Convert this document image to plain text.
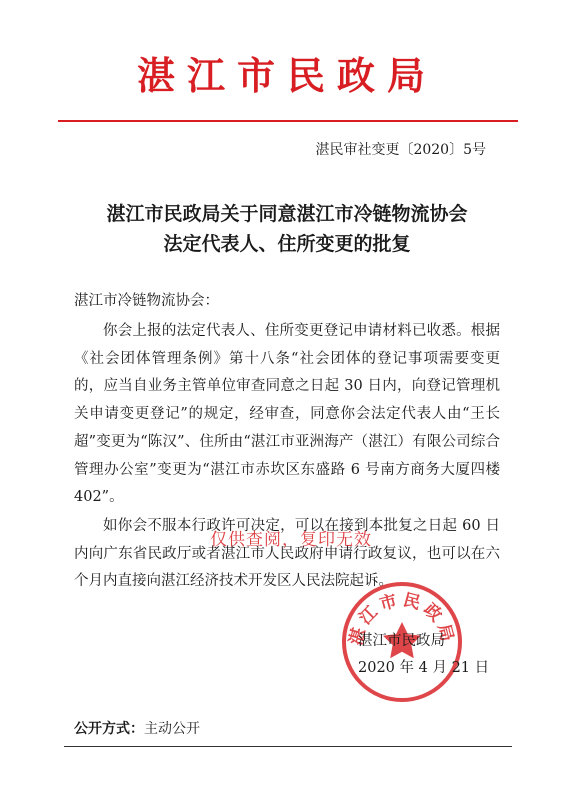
湛江市民政局
湛民审社变更〔2020〕5号
湛江市民政局关于同意湛江市冷链物流协会
法定代表人、住所变更的批复
湛江市冷链物流协会：

你会上报的法定代表人、住所变更登记申请材料已收悉。根据《社会团体管理条例》第十八条“社会团体的登记事项需要变更的，应当自业务主管单位审查同意之日起 30 日内，向登记管理机关申请变更登记”的规定，经审查，同意你会法定代表人由“王长超”变更为“陈汉”、住所由“湛江市亚洲海产（湛江）有限公司综合管理办公室”变更为“湛江市赤坎区东盛路 6 号南方商务大厦四楼 402”。

如你会不服本行政许可决定，可以在接到本批复之日起 60 日内向广东省民政厅或者湛江市人民政府申请行政复议，也可以在六个月内直接向湛江经济技术开发区人民法院起诉。

仅供查阅，复印无效
湛江市民政局
湛江市民政局
2020 年 4 月 21 日
公开方式：主动公开
